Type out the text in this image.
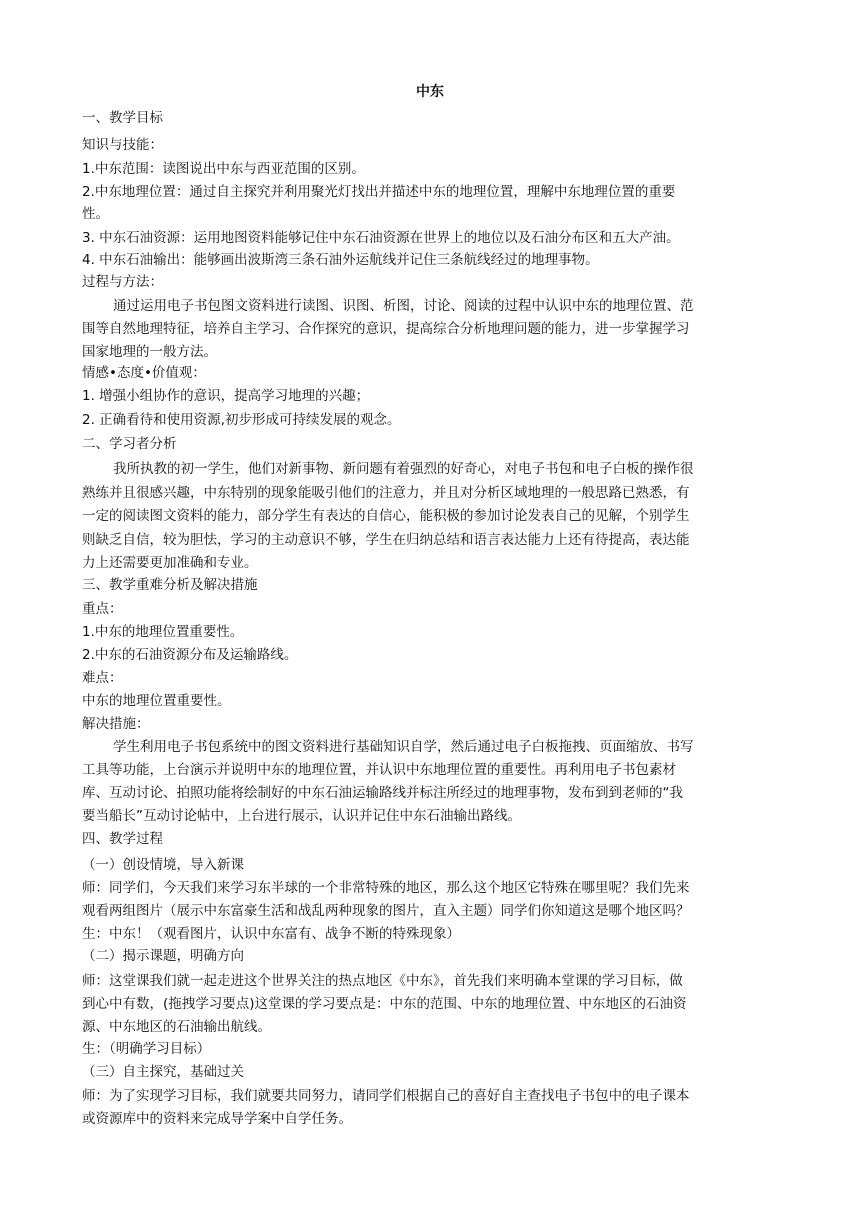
中东
一、教学目标
知识与技能：
1.中东范围：读图说出中东与西亚范围的区别。
2.中东地理位置：通过自主探究并利用聚光灯找出并描述中东的地理位置，理解中东地理位置的重要
性。
3. 中东石油资源：运用地图资料能够记住中东石油资源在世界上的地位以及石油分布区和五大产油。
4. 中东石油输出：能够画出波斯湾三条石油外运航线并记住三条航线经过的地理事物。
过程与方法：
通过运用电子书包图文资料进行读图、识图、析图，讨论、阅读的过程中认识中东的地理位置、范
围等自然地理特征，培养自主学习、合作探究的意识，提高综合分析地理问题的能力，进一步掌握学习
国家地理的一般方法。
情感•态度•价值观：
1. 增强小组协作的意识，提高学习地理的兴趣；
2. 正确看待和使用资源,初步形成可持续发展的观念。
二、学习者分析
我所执教的初一学生，他们对新事物、新问题有着强烈的好奇心，对电子书包和电子白板的操作很
熟练并且很感兴趣，中东特别的现象能吸引他们的注意力，并且对分析区域地理的一般思路已熟悉，有
一定的阅读图文资料的能力，部分学生有表达的自信心，能积极的参加讨论发表自己的见解，个别学生
则缺乏自信，较为胆怯，学习的主动意识不够，学生在归纳总结和语言表达能力上还有待提高，表达能
力上还需要更加准确和专业。
三、教学重难分析及解决措施
重点：
1.中东的地理位置重要性。
2.中东的石油资源分布及运输路线。
难点：
中东的地理位置重要性。
解决措施：
学生利用电子书包系统中的图文资料进行基础知识自学，然后通过电子白板拖拽、页面缩放、书写
工具等功能，上台演示并说明中东的地理位置，并认识中东地理位置的重要性。再利用电子书包素材
库、互动讨论、拍照功能将绘制好的中东石油运输路线并标注所经过的地理事物，发布到到老师的“我
要当船长”互动讨论帖中，上台进行展示，认识并记住中东石油输出路线。
四、教学过程
（一）创设情境，导入新课
师：同学们，今天我们来学习东半球的一个非常特殊的地区，那么这个地区它特殊在哪里呢？我们先来
观看两组图片（展示中东富豪生活和战乱两种现象的图片，直入主题）同学们你知道这是哪个地区吗？
生：中东！（观看图片，认识中东富有、战争不断的特殊现象）
（二）揭示课题，明确方向
师：这堂课我们就一起走进这个世界关注的热点地区《中东》，首先我们来明确本堂课的学习目标，做
到心中有数，(拖拽学习要点)这堂课的学习要点是：中东的范围、中东的地理位置、中东地区的石油资
源、中东地区的石油输出航线。
生：（明确学习目标）
（三）自主探究，基础过关
师：为了实现学习目标，我们就要共同努力，请同学们根据自己的喜好自主查找电子书包中的电子课本
或资源库中的资料来完成导学案中自学任务。
